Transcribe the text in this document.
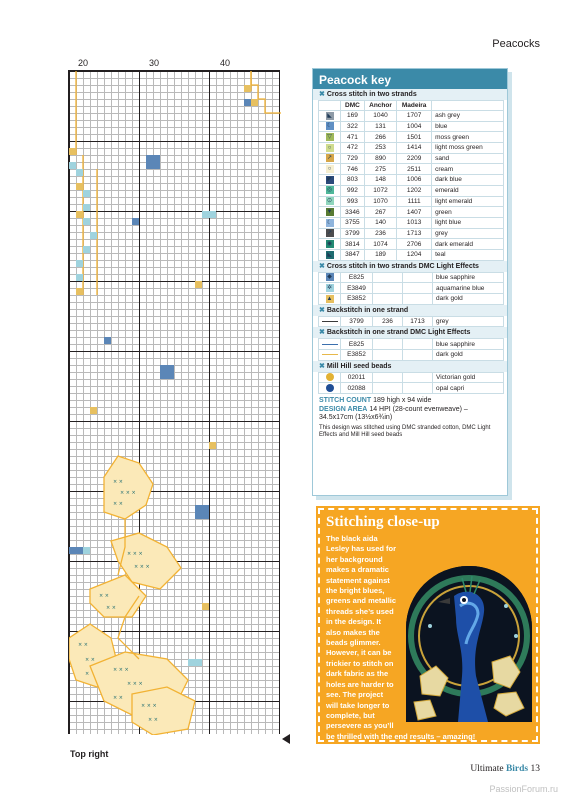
Peacocks
20	30	40
× ×
× × ×
× ×
× × ×
× × ×
× ×
× ×
× ×
× ×
×
× × ×
× × ×
× ×
× × ×
× ×
Top right
Peacock key
✖ Cross stitch in two strands
	DMC	Anchor	Madeira	
◣	169	1040	1707	ash grey
☾	322	131	1004	blue
▽	471	266	1501	moss green
○	472	253	1414	light moss green
↗	729	890	2209	sand
○	746	275	2511	cream
◤	803	148	1006	dark blue
◎	992	1072	1202	emerald
⊙	993	1070	1111	light emerald
▼	3346	267	1407	green
☾	3755	140	1013	light blue
↗	3799	236	1713	grey
◉	3814	1074	2706	dark emerald
◣	3847	189	1204	teal
✖ Cross stitch in two strands DMC Light Effects
◆	E825			blue sapphire
✲	E3849			aquamarine blue
▲	E3852			dark gold
✖ Backstitch in one strand
	3799	236	1713	grey
✖ Backstitch in one strand DMC Light Effects
	E825			blue sapphire
	E3852			dark gold
✖ Mill Hill seed beads
	02011			Victorian gold
	02088			opal capri
STITCH COUNT 189 high x 94 wide
DESIGN AREA 14 HPI (28-count evenweave) – 34.5x17cm (13½x6¾in)
This design was stitched using DMC stranded cotton, DMC Light Effects and Mill Hill seed beads
Stitching close-up

The black aida Lesley has used for her background makes a dramatic statement against the bright blues, greens and metallic threads she’s used in the design. It also makes the beads glimmer. However, it can be trickier to stitch on dark fabric as the holes are harder to see. The project will take longer to complete, but persevere as you’ll be thrilled with the end results – amazing!

Ultimate Birds 13
PassionForum.ru
